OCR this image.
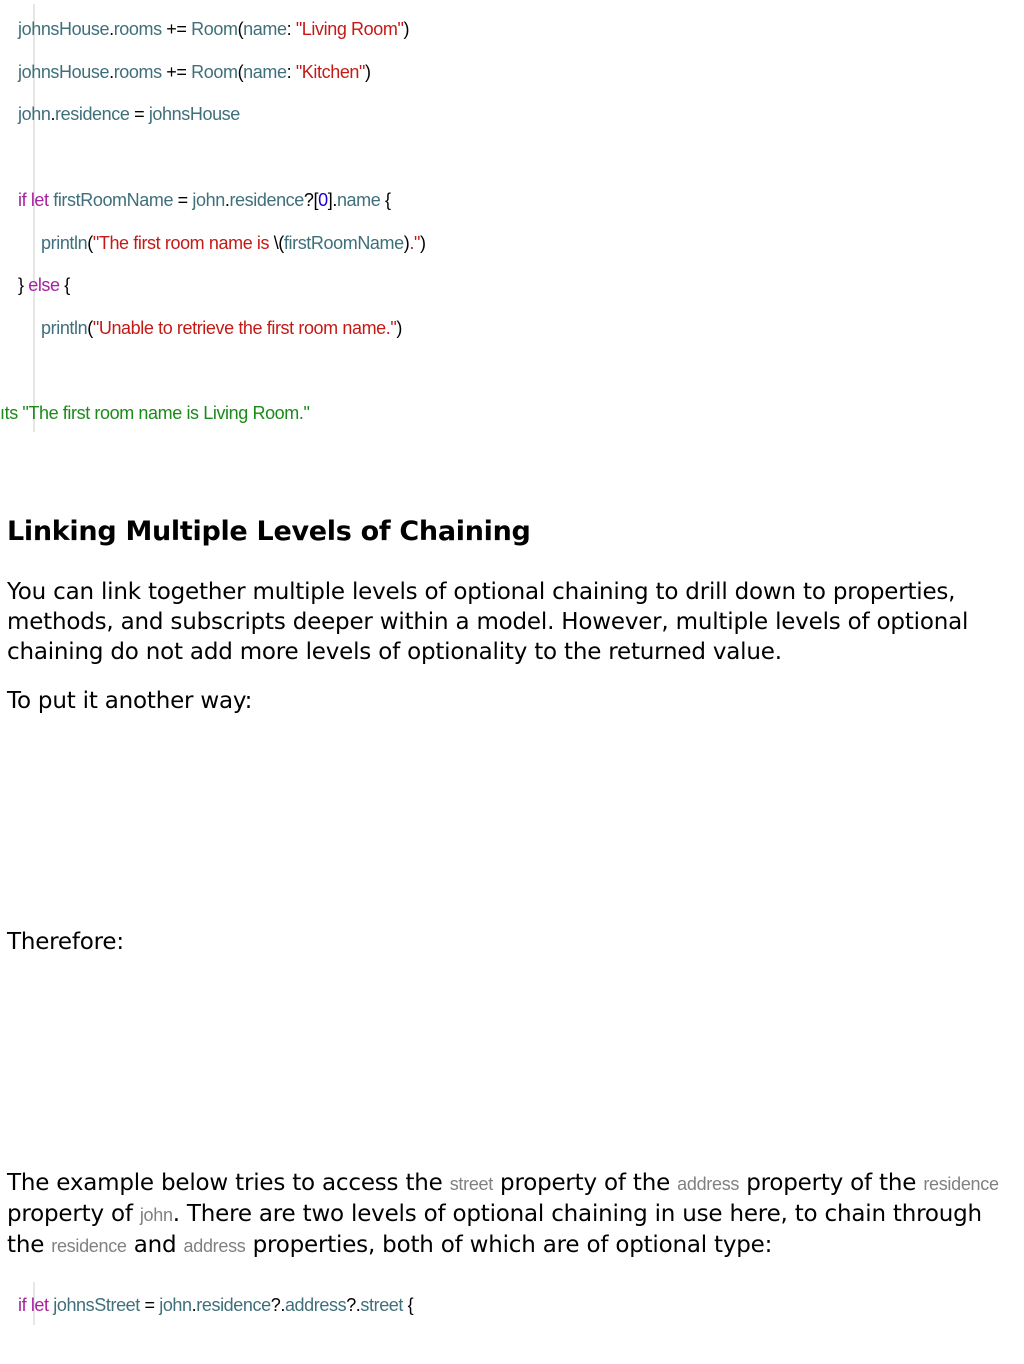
johnsHouse.rooms += Room(name: "Living Room")
johnsHouse.rooms += Room(name: "Kitchen")
john.residence = johnsHouse
if let firstRoomName = john.residence?[0].name {
println("The first room name is \(firstRoomName).")
} else {
println("Unable to retrieve the first room name.")
ıts "The first room name is Living Room."

Linking Multiple Levels of Chaining

You can link together multiple levels of optional chaining to drill down to properties, methods, and subscripts deeper within a model. However, multiple levels of optional chaining do not add more levels of optionality to the returned value.

To put it another way:

Therefore:

The example below tries to access the street property of the address property of the residence property of john. There are two levels of optional chaining in use here, to chain through the residence and address properties, both of which are of optional type:

if let johnsStreet = john.residence?.address?.street {
